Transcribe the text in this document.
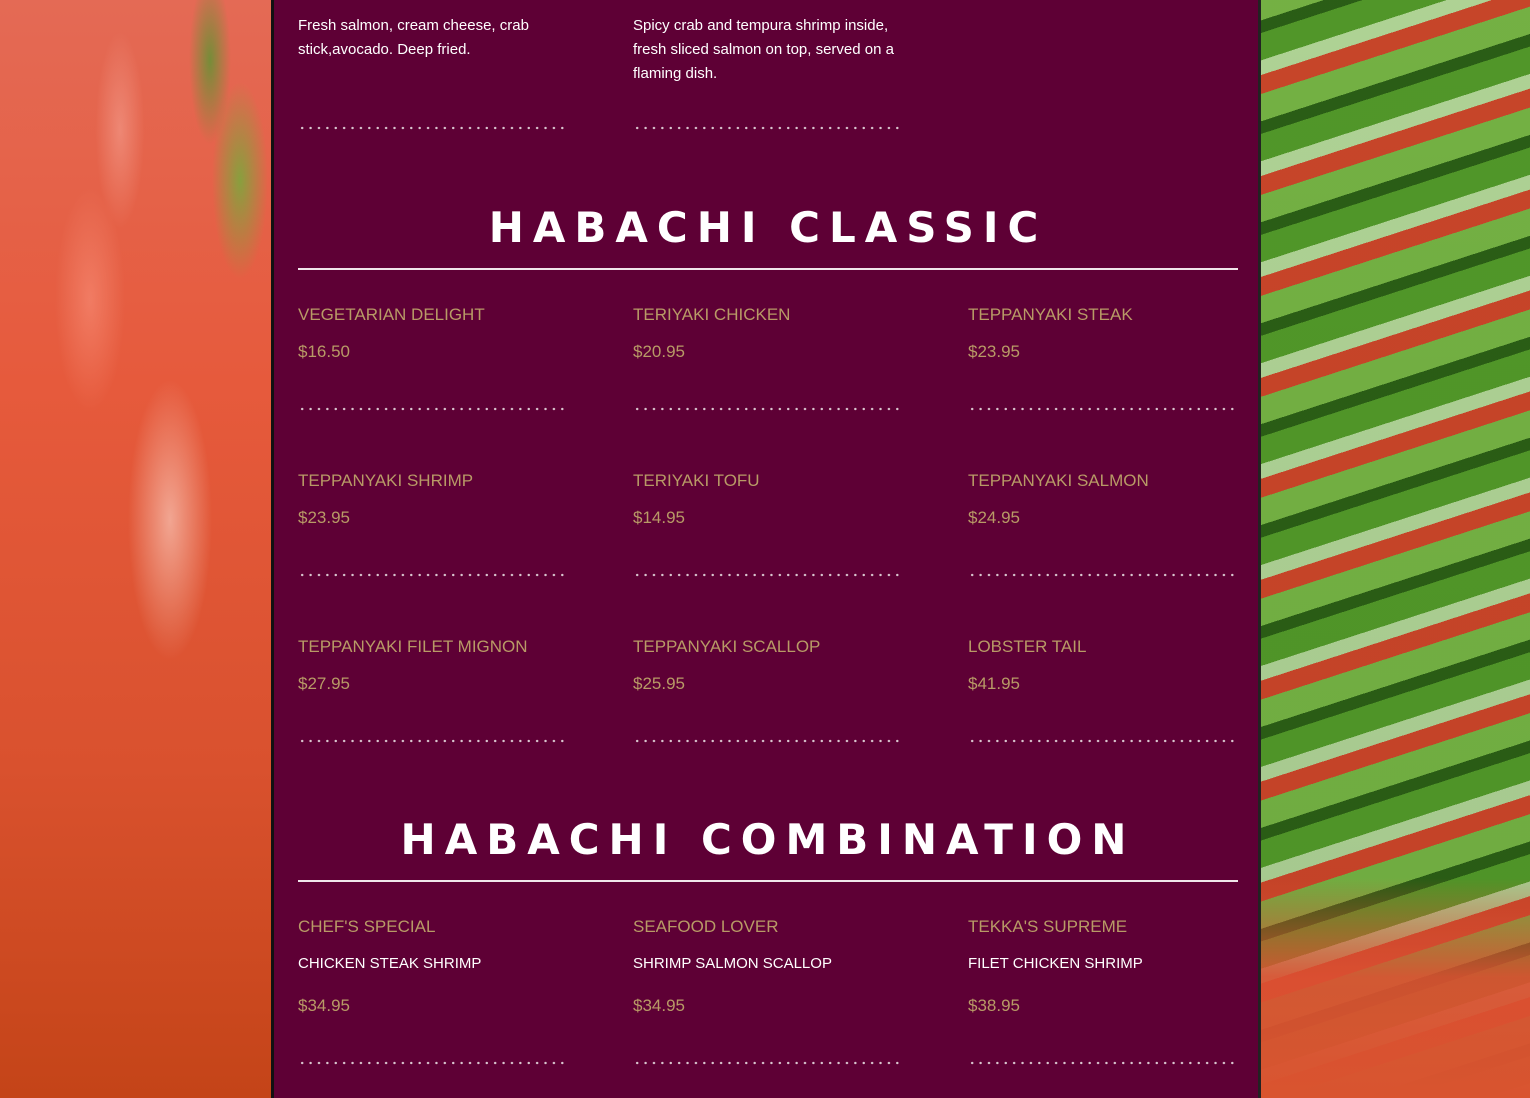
Fresh salmon, cream cheese, crab stick,avocado. Deep fried.

Spicy crab and tempura shrimp inside, fresh sliced salmon on top, served on a flaming dish.

HABACHI CLASSIC

VEGETARIAN DELIGHT

$16.50

TERIYAKI CHICKEN

$20.95

TEPPANYAKI STEAK

$23.95

TEPPANYAKI SHRIMP

$23.95

TERIYAKI TOFU

$14.95

TEPPANYAKI SALMON

$24.95

TEPPANYAKI FILET MIGNON

$27.95

TEPPANYAKI SCALLOP

$25.95

LOBSTER TAIL

$41.95

HABACHI COMBINATION

CHEF'S SPECIAL

CHICKEN STEAK SHRIMP

$34.95

SEAFOOD LOVER

SHRIMP SALMON SCALLOP

$34.95

TEKKA'S SUPREME

FILET CHICKEN SHRIMP

$38.95
